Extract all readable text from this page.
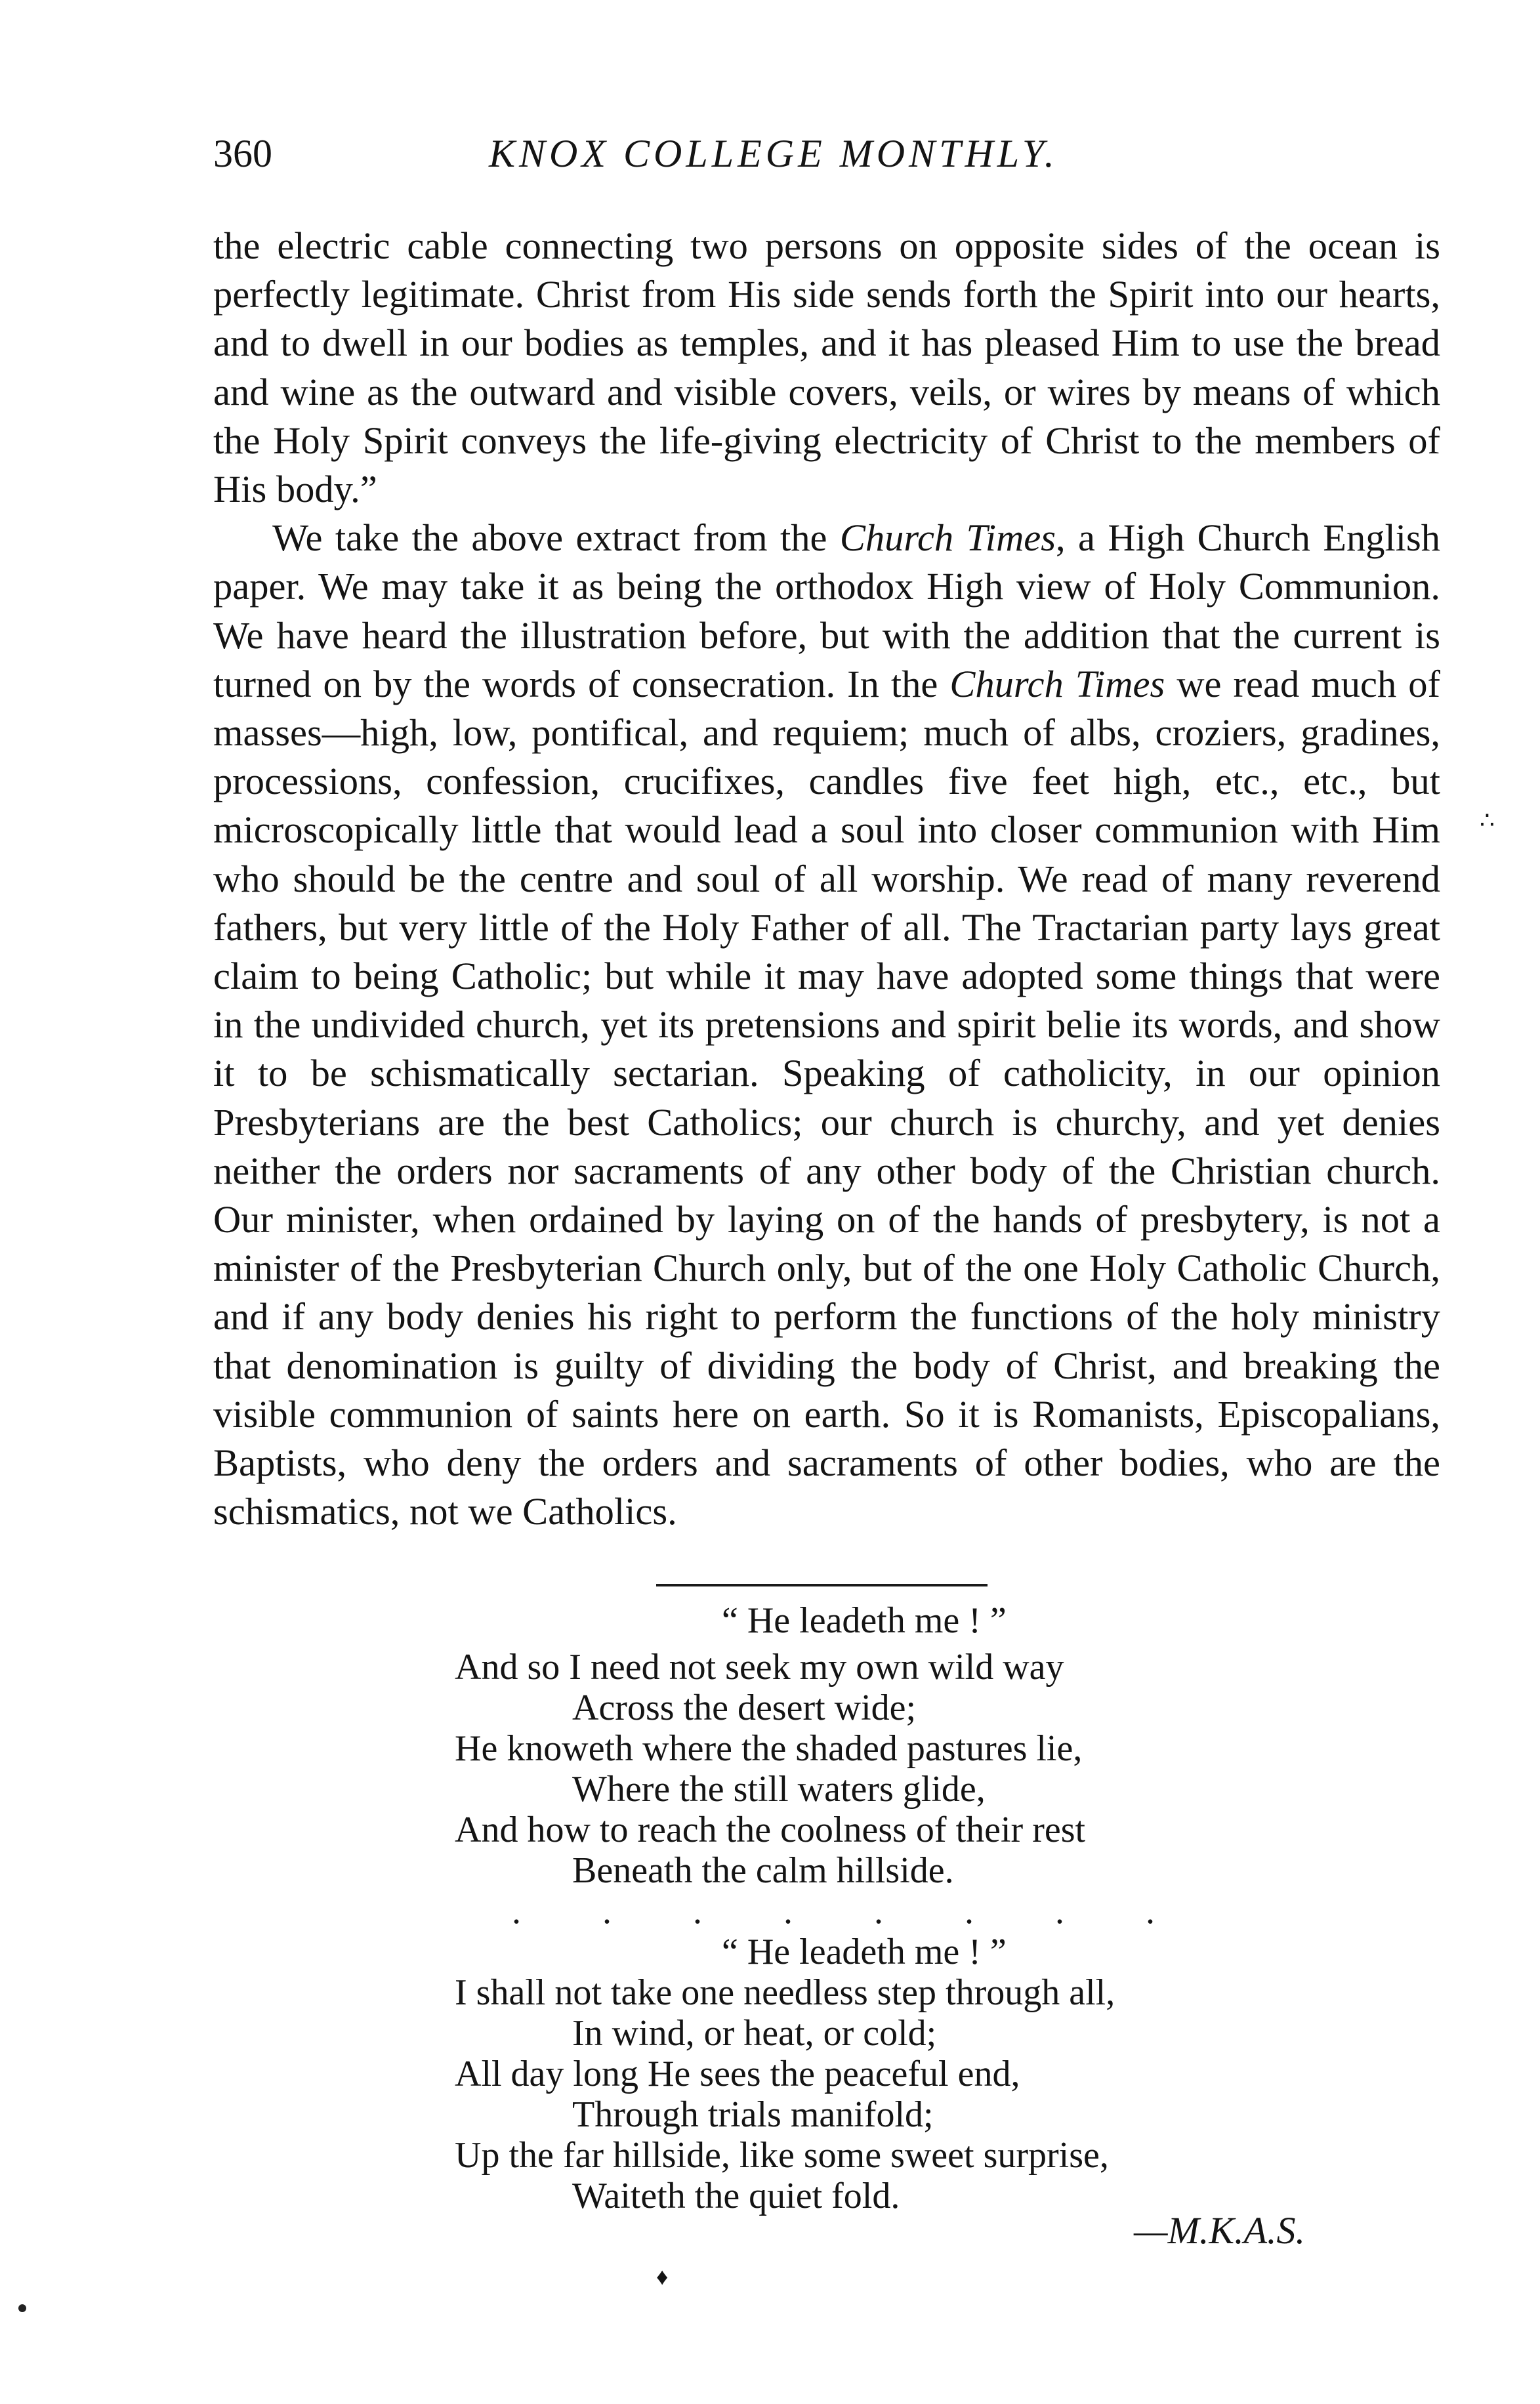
360	KNOX COLLEGE MONTHLY.

the electric cable connecting two persons on opposite sides of the ocean is perfectly legitimate. Christ from His side sends forth the Spirit into our hearts, and to dwell in our bodies as temples, and it has pleased Him to use the bread and wine as the outward and visible covers, veils, or wires by means of which the Holy Spirit conveys the life-giving electricity of Christ to the members of His body.”

We take the above extract from the Church Times, a High Church English paper. We may take it as being the orthodox High view of Holy Communion. We have heard the illustration before, but with the addition that the current is turned on by the words of consecration. In the Church Times we read much of masses—high, low, pontifical, and requiem; much of albs, croziers, gradines, processions, confession, crucifixes, candles five feet high, etc., etc., but microscopically little that would lead a soul into closer communion with Him who should be the centre and soul of all worship. We read of many reverend fathers, but very little of the Holy Father of all. The Tractarian party lays great claim to being Catholic; but while it may have adopted some things that were in the undivided church, yet its pretensions and spirit belie its words, and show it to be schismatically sectarian. Speaking of catholicity, in our opinion Presbyterians are the best Catholics; our church is churchy, and yet denies neither the orders nor sacraments of any other body of the Christian church. Our minister, when ordained by laying on of the hands of presbytery, is not a minister of the Presbyterian Church only, but of the one Holy Catholic Church, and if any body denies his right to perform the functions of the holy ministry that denomination is guilty of dividing the body of Christ, and breaking the visible communion of saints here on earth. So it is Romanists, Episcopalians, Baptists, who deny the orders and sacraments of other bodies, who are the schismatics, not we Catholics.

“ He leadeth me ! ”
And so I need not seek my own wild way
Across the desert wide;
He knoweth where the shaded pastures lie,
Where the still waters glide,
And how to reach the coolness of their rest
Beneath the calm hillside.
. . . . . . . .
“ He leadeth me ! ”
I shall not take one needless step through all,
In wind, or heat, or cold;
All day long He sees the peaceful end,
Through trials manifold;
Up the far hillside, like some sweet surprise,
Waiteth the quiet fold.
—M.K.A.S.
∴
♦
